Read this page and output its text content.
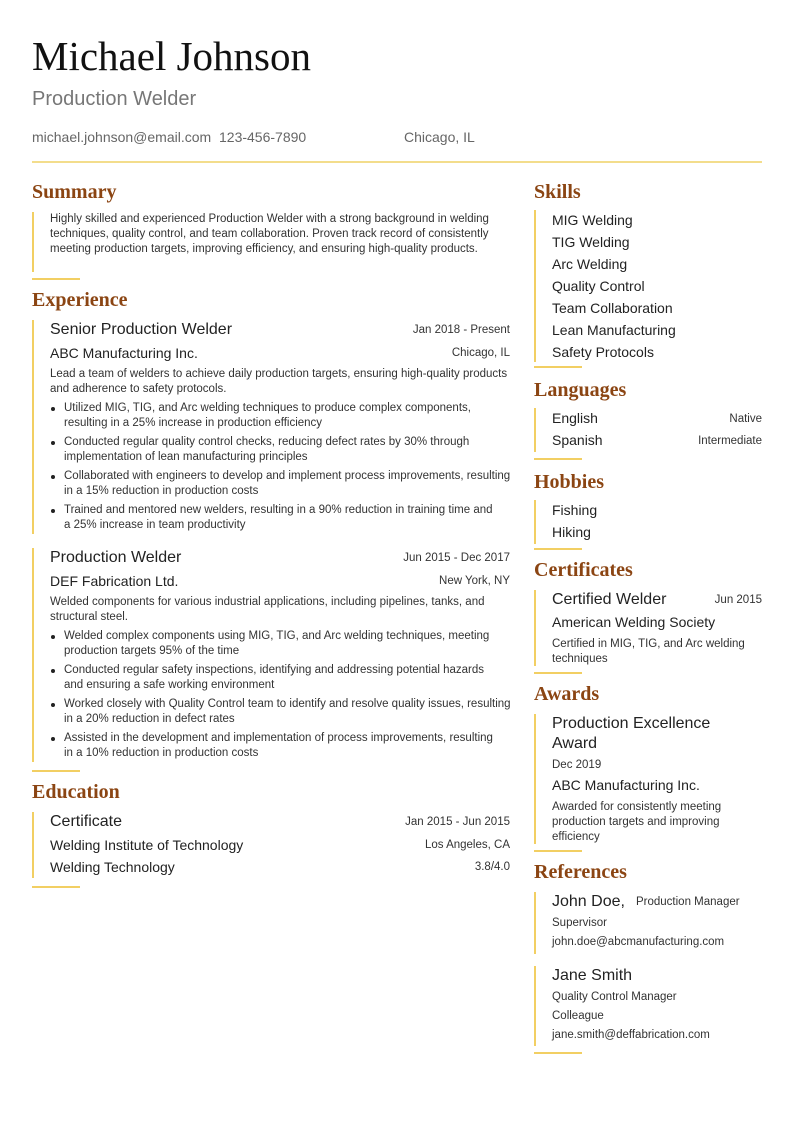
Michael Johnson
Production Welder
michael.johnson@email.com 123-456-7890	Chicago, IL
Summary
Highly skilled and experienced Production Welder with a strong background in welding techniques, quality control, and team collaboration. Proven track record of consistently meeting production targets, improving efficiency, and ensuring high-quality products.
Experience
Senior Production Welder	Jan 2018 - Present
ABC Manufacturing Inc.	Chicago, IL
Lead a team of welders to achieve daily production targets, ensuring high-quality products and adherence to safety protocols.
Utilized MIG, TIG, and Arc welding techniques to produce complex components, resulting in a 25% increase in production efficiency
Conducted regular quality control checks, reducing defect rates by 30% through implementation of lean manufacturing principles
Collaborated with engineers to develop and implement process improvements, resulting in a 15% reduction in production costs
Trained and mentored new welders, resulting in a 90% reduction in training time and a 25% increase in team productivity
Production Welder	Jun 2015 - Dec 2017
DEF Fabrication Ltd.	New York, NY
Welded components for various industrial applications, including pipelines, tanks, and structural steel.
Welded complex components using MIG, TIG, and Arc welding techniques, meeting production targets 95% of the time
Conducted regular safety inspections, identifying and addressing potential hazards and ensuring a safe working environment
Worked closely with Quality Control team to identify and resolve quality issues, resulting in a 20% reduction in defect rates
Assisted in the development and implementation of process improvements, resulting in a 10% reduction in production costs
Education
Certificate	Jan 2015 - Jun 2015
Welding Institute of Technology	Los Angeles, CA
Welding Technology	3.8/4.0
Skills
MIG Welding
TIG Welding
Arc Welding
Quality Control
Team Collaboration
Lean Manufacturing
Safety Protocols
Languages
English	Native
Spanish	Intermediate
Hobbies
Fishing
Hiking
Certificates
Certified Welder	Jun 2015
American Welding Society
Certified in MIG, TIG, and Arc welding techniques
Awards
Production Excellence Award
Dec 2019
ABC Manufacturing Inc.
Awarded for consistently meeting production targets and improving efficiency
References
John Doe, Production Manager
Supervisor
john.doe@abcmanufacturing.com
Jane Smith
Quality Control Manager
Colleague
jane.smith@deffabrication.com
